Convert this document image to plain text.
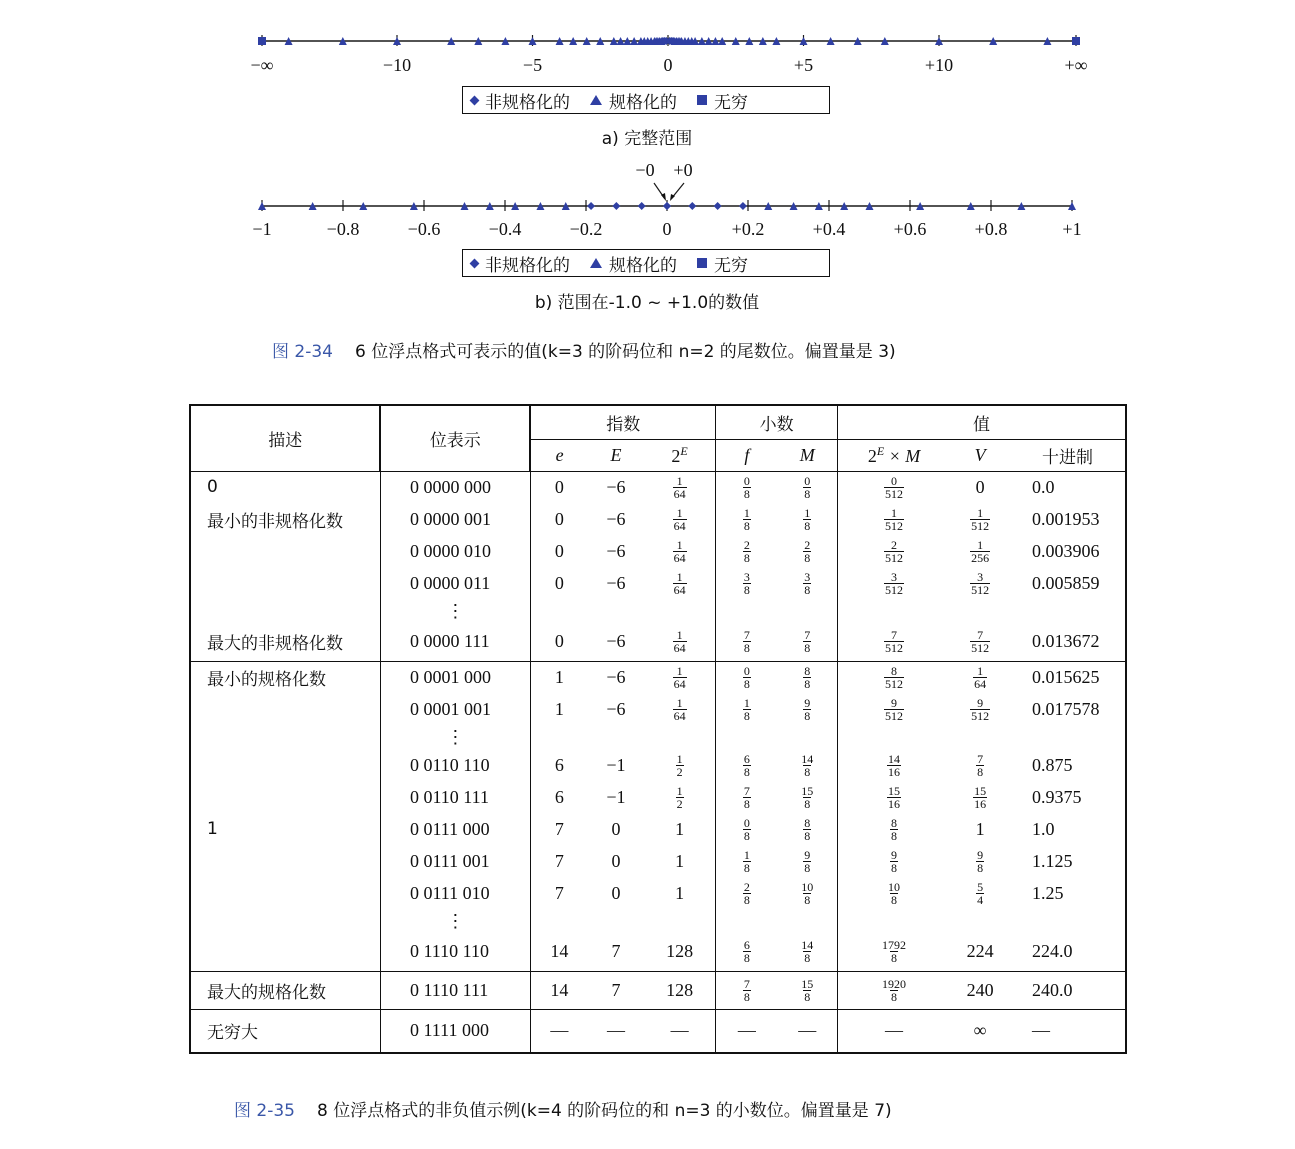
−∞	−10	−5	0	+5	+10	+∞
−1	−0.8	−0.6	−0.4	−0.2	0	+0.2	+0.4	+0.6	+0.8	+1
−0 +0
非规格化的 规格化的 无穷
a) 完整范围
非规格化的 规格化的 无穷
b) 范围在-1.0 ~ +1.0的数值
图 2-34 6 位浮点格式可表示的值(k=3 的阶码位和 n=2 的尾数位。偏置量是 3)
描述	位表示	指数			小数		值		
		e	E	$2^E$	f	M	$2^E \times M$	V	十进制
0	0 0000 000	0	−6	$\frac{1}{64}$	$\frac{0}{8}$	$\frac{0}{8}$	$\frac{0}{512}$	0	0.0
最小的非规格化数	0 0000 001	0	−6	$\frac{1}{64}$	$\frac{1}{8}$	$\frac{1}{8}$	$\frac{1}{512}$	$\frac{1}{512}$	0.001953
	0 0000 010	0	−6	$\frac{1}{64}$	$\frac{2}{8}$	$\frac{2}{8}$	$\frac{2}{512}$	$\frac{1}{256}$	0.003906
	0 0000 011	0	−6	$\frac{1}{64}$	$\frac{3}{8}$	$\frac{3}{8}$	$\frac{3}{512}$	$\frac{3}{512}$	0.005859
	⋮								
最大的非规格化数	0 0000 111	0	−6	$\frac{1}{64}$	$\frac{7}{8}$	$\frac{7}{8}$	$\frac{7}{512}$	$\frac{7}{512}$	0.013672
最小的规格化数	0 0001 000	1	−6	$\frac{1}{64}$	$\frac{0}{8}$	$\frac{8}{8}$	$\frac{8}{512}$	$\frac{1}{64}$	0.015625
	0 0001 001	1	−6	$\frac{1}{64}$	$\frac{1}{8}$	$\frac{9}{8}$	$\frac{9}{512}$	$\frac{9}{512}$	0.017578
	⋮								
	0 0110 110	6	−1	$\frac{1}{2}$	$\frac{6}{8}$	$\frac{14}{8}$	$\frac{14}{16}$	$\frac{7}{8}$	0.875
	0 0110 111	6	−1	$\frac{1}{2}$	$\frac{7}{8}$	$\frac{15}{8}$	$\frac{15}{16}$	$\frac{15}{16}$	0.9375
1	0 0111 000	7	0	1	$\frac{0}{8}$	$\frac{8}{8}$	$\frac{8}{8}$	1	1.0
	0 0111 001	7	0	1	$\frac{1}{8}$	$\frac{9}{8}$	$\frac{9}{8}$	$\frac{9}{8}$	1.125
	0 0111 010	7	0	1	$\frac{2}{8}$	$\frac{10}{8}$	$\frac{10}{8}$	$\frac{5}{4}$	1.25
	⋮								
	0 1110 110	14	7	128	$\frac{6}{8}$	$\frac{14}{8}$	$\frac{1792}{8}$	224	224.0
最大的规格化数	0 1110 111	14	7	128	$\frac{7}{8}$	$\frac{15}{8}$	$\frac{1920}{8}$	240	240.0
无穷大	0 1111 000	—	—	—	—	—	—	∞	—
图 2-35 8 位浮点格式的非负值示例(k=4 的阶码位的和 n=3 的小数位。偏置量是 7)
